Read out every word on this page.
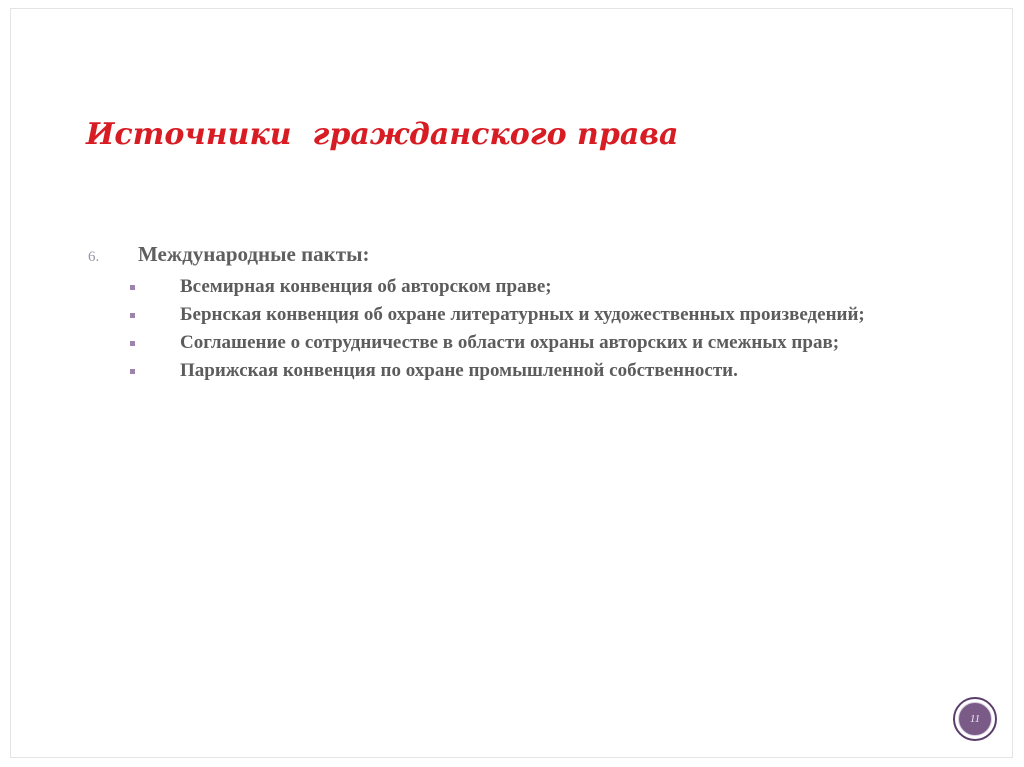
Источники  гражданского права
6. Международные пакты:
Всемирная конвенция об авторском праве;
Бернская конвенция об охране литературных и художественных произведений;
Соглашение о сотрудничестве в области охраны авторских и смежных прав;
Парижская конвенция по охране промышленной собственности.
11
